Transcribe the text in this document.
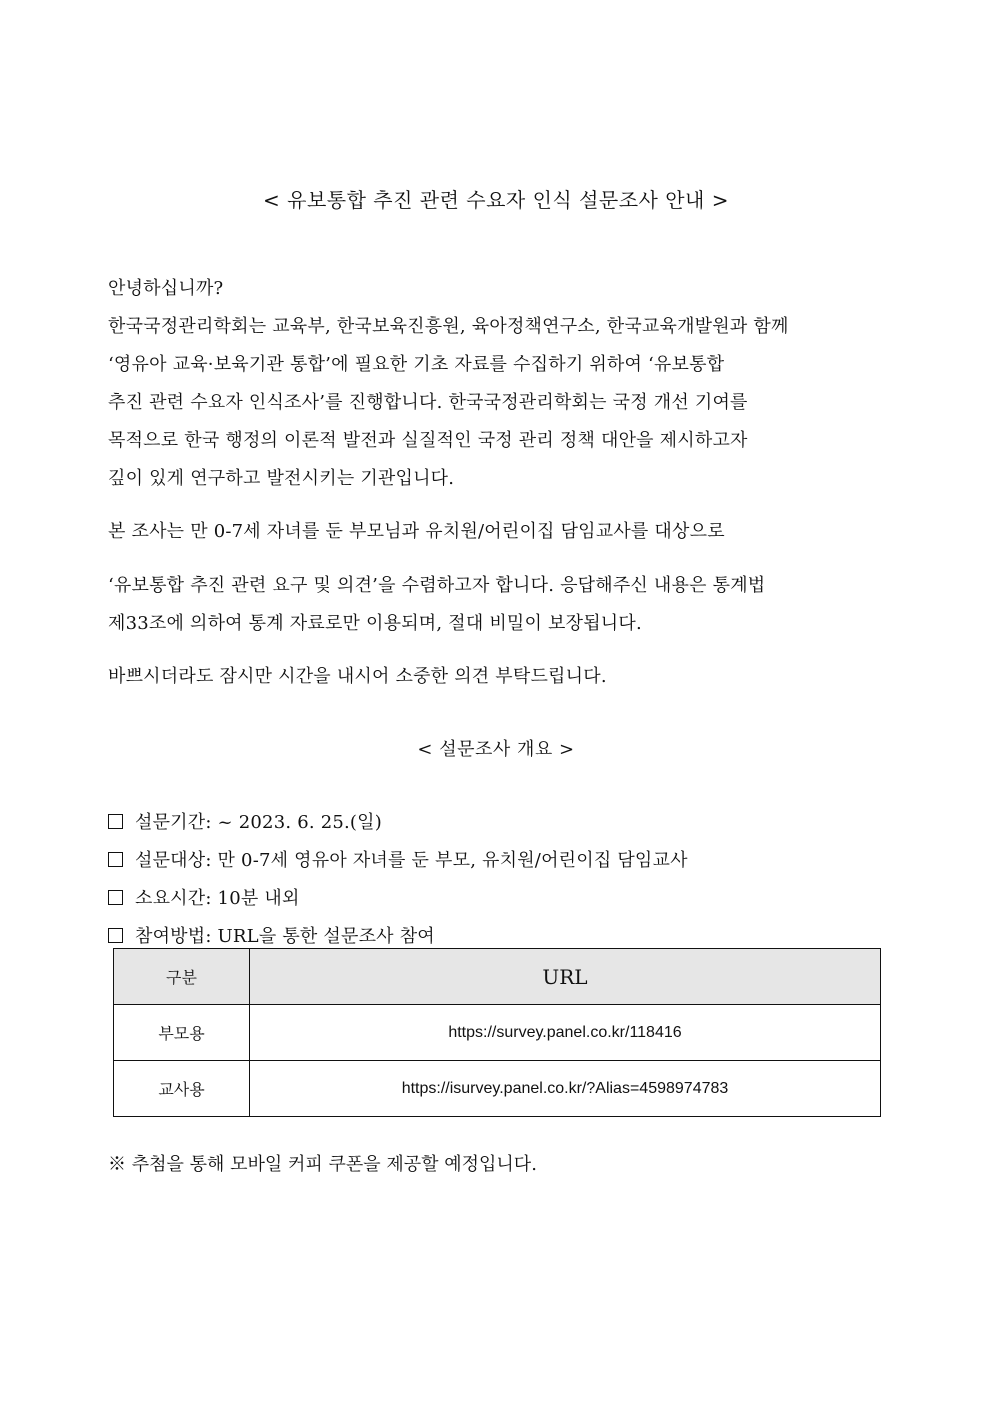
< 유보통합 추진 관련 수요자 인식 설문조사 안내 >
안녕하십니까?
한국국정관리학회는 교육부, 한국보육진흥원, 육아정책연구소, 한국교육개발원과 함께
‘영유아 교육·보육기관 통합’에 필요한 기초 자료를 수집하기 위하여 ‘유보통합
추진 관련 수요자 인식조사’를 진행합니다. 한국국정관리학회는 국정 개선 기여를
목적으로 한국 행정의 이론적 발전과 실질적인 국정 관리 정책 대안을 제시하고자
깊이 있게 연구하고 발전시키는 기관입니다.
본 조사는 만 0-7세 자녀를 둔 부모님과 유치원/어린이집 담임교사를 대상으로
‘유보통합 추진 관련 요구 및 의견’을 수렴하고자 합니다. 응답해주신 내용은 통계법
제33조에 의하여 통계 자료로만 이용되며, 절대 비밀이 보장됩니다.
바쁘시더라도 잠시만 시간을 내시어 소중한 의견 부탁드립니다.
< 설문조사 개요 >
설문기간: ~ 2023. 6. 25.(일)
설문대상: 만 0-7세 영유아 자녀를 둔 부모, 유치원/어린이집 담임교사
소요시간: 10분 내외
참여방법: URL을 통한 설문조사 참여
구분	URL
부모용	https://survey.panel.co.kr/118416
교사용	https://isurvey.panel.co.kr/?Alias=4598974783
※ 추첨을 통해 모바일 커피 쿠폰을 제공할 예정입니다.
